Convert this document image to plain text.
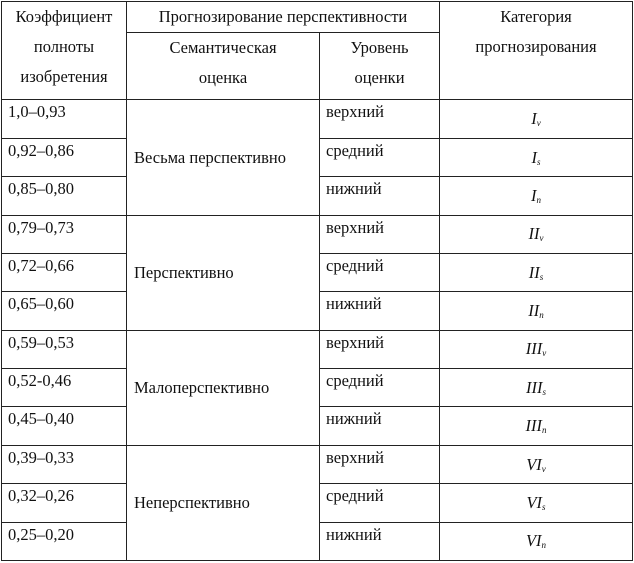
Коэффициент
полноты
изобретения	Прогнозирование перспективности		Категория
прогнозирования

	Семантическая
оценка	Уровень
оценки	

1,0–0,93	Весьма перспективно	верхний	$I_v$
0,92–0,86		средний	$I_s$
0,85–0,80		нижний	$I_n$
0,79–0,73	Перспективно	верхний	$II_v$
0,72–0,66		средний	$II_s$
0,65–0,60		нижний	$II_n$
0,59–0,53	Малоперспективно	верхний	$III_v$
0,52-0,46		средний	$III_s$
0,45–0,40		нижний	$III_n$
0,39–0,33	Неперспективно	верхний	$VI_v$
0,32–0,26		средний	$VI_s$
0,25–0,20		нижний	$VI_n$
